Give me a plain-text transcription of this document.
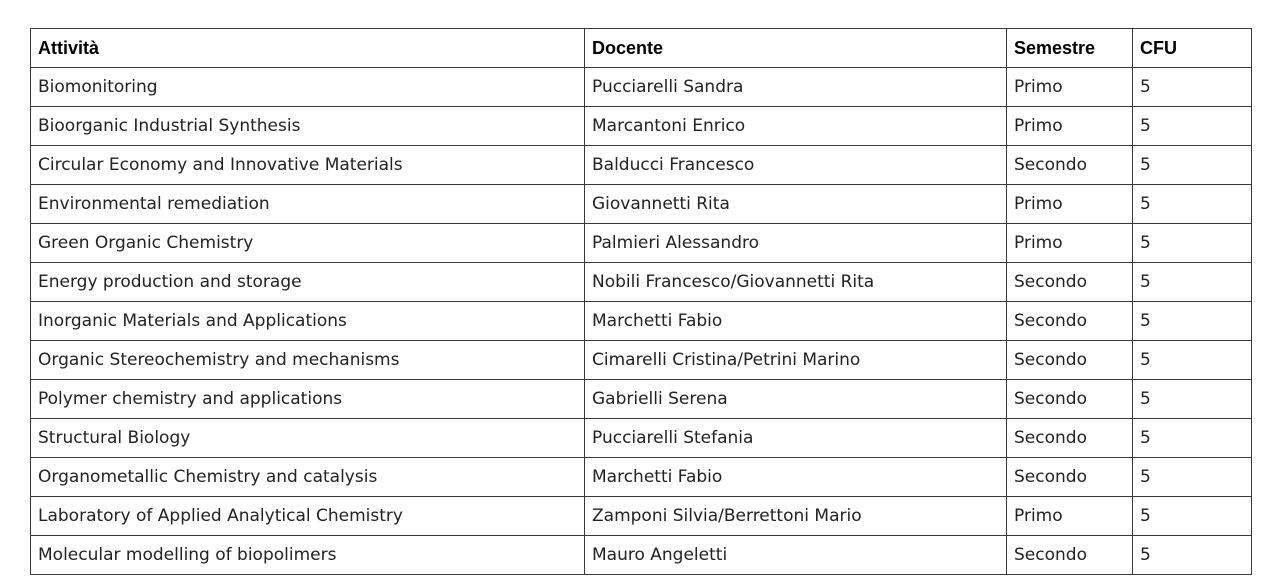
Attività	Docente	Semestre	CFU
Biomonitoring	Pucciarelli Sandra	Primo	5
Bioorganic Industrial Synthesis	Marcantoni Enrico	Primo	5
Circular Economy and Innovative Materials	Balducci Francesco	Secondo	5
Environmental remediation	Giovannetti Rita	Primo	5
Green Organic Chemistry	Palmieri Alessandro	Primo	5
Energy production and storage	Nobili Francesco/Giovannetti Rita	Secondo	5
Inorganic Materials and Applications	Marchetti Fabio	Secondo	5
Organic Stereochemistry and mechanisms	Cimarelli Cristina/Petrini Marino	Secondo	5
Polymer chemistry and applications	Gabrielli Serena	Secondo	5
Structural Biology	Pucciarelli Stefania	Secondo	5
Organometallic Chemistry and catalysis	Marchetti Fabio	Secondo	5
Laboratory of Applied Analytical Chemistry	Zamponi Silvia/Berrettoni Mario	Primo	5
Molecular modelling of biopolimers	Mauro Angeletti	Secondo	5
